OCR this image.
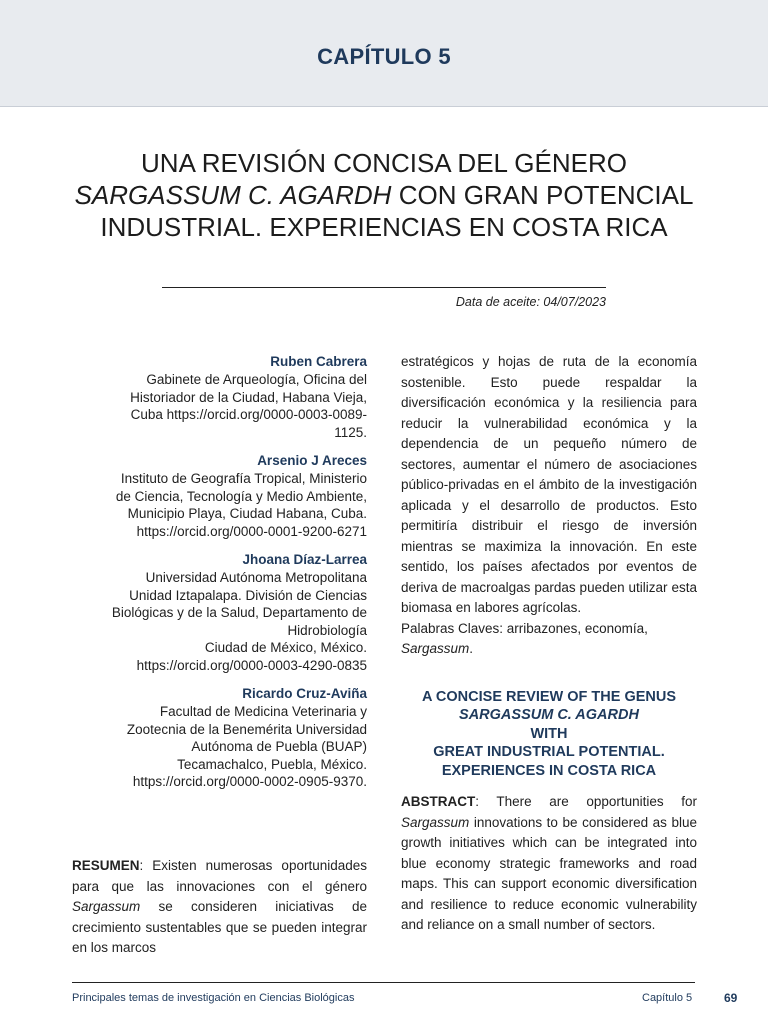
CAPÍTULO 5
UNA REVISIÓN CONCISA DEL GÉNERO
SARGASSUM C. AGARDH CON GRAN POTENCIAL
INDUSTRIAL. EXPERIENCIAS EN COSTA RICA
Data de aceite: 04/07/2023
Ruben Cabrera
Gabinete de Arqueología, Oficina del
Historiador de la Ciudad, Habana Vieja,
Cuba https://orcid.org/0000-0003-0089-
1125.
Arsenio J Areces
Instituto de Geografía Tropical, Ministerio
de Ciencia, Tecnología y Medio Ambiente,
Municipio Playa, Ciudad Habana, Cuba.
https://orcid.org/0000-0001-9200-6271
Jhoana Díaz-Larrea
Universidad Autónoma Metropolitana
Unidad Iztapalapa. División de Ciencias
Biológicas y de la Salud, Departamento de
Hidrobiología
Ciudad de México, México.
https://orcid.org/0000-0003-4290-0835
Ricardo Cruz-Aviña
Facultad de Medicina Veterinaria y
Zootecnia de la Benemérita Universidad
Autónoma de Puebla (BUAP)
Tecamachalco, Puebla, México.
https://orcid.org/0000-0002-0905-9370.
RESUMEN: Existen numerosas oportunidades para que las innovaciones con el género Sargassum se consideren iniciativas de crecimiento sustentables que se pueden integrar en los marcos
estratégicos y hojas de ruta de la economía sostenible. Esto puede respaldar la diversificación económica y la resiliencia para reducir la vulnerabilidad económica y la dependencia de un pequeño número de sectores, aumentar el número de asociaciones público-privadas en el ámbito de la investigación aplicada y el desarrollo de productos. Esto permitiría distribuir el riesgo de inversión mientras se maximiza la innovación. En este sentido, los países afectados por eventos de deriva de macroalgas pardas pueden utilizar esta biomasa en labores agrícolas.
Palabras Claves: arribazones, economía, Sargassum.
A CONCISE REVIEW OF THE GENUS
SARGASSUM C. AGARDH
WITH
GREAT INDUSTRIAL POTENTIAL.
EXPERIENCES IN COSTA RICA
ABSTRACT: There are opportunities for Sargassum innovations to be considered as blue growth initiatives which can be integrated into blue economy strategic frameworks and road maps. This can support economic diversification and resilience to reduce economic vulnerability and reliance on a small number of sectors.
Principales temas de investigación en Ciencias Biológicas	Capítulo 5	69
